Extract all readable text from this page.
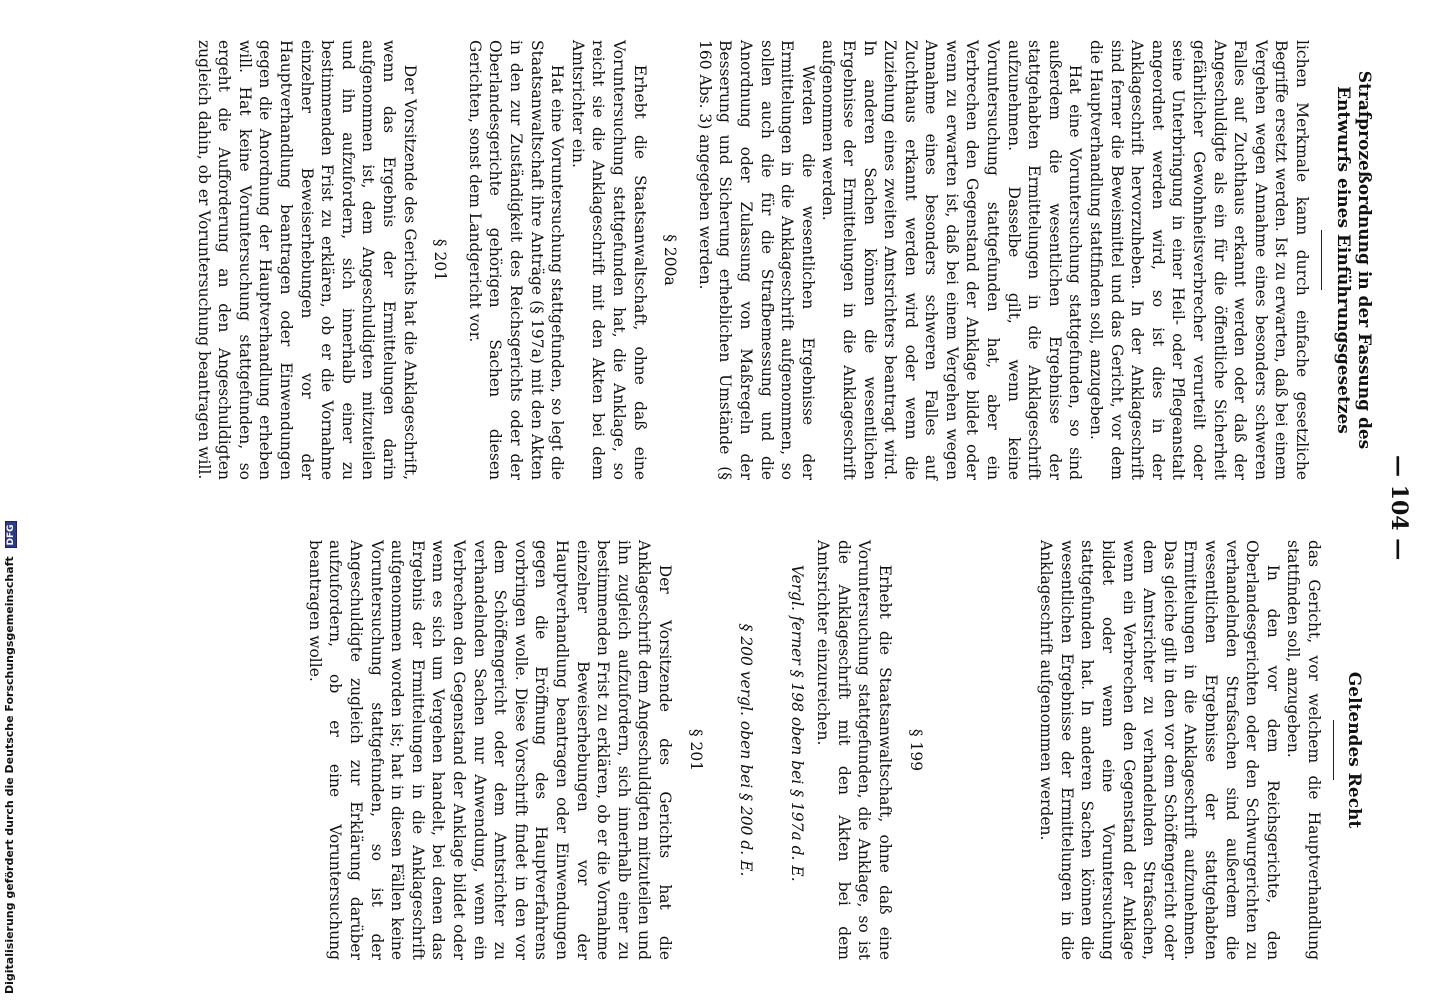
— 104 —
Strafprozeßordnung in der Fassung des Entwurfs eines Einführungsgesetzes
Geltendes Recht

lichen Merkmale kann durch einfache gesetzliche Begriffe ersetzt werden. Ist zu erwarten, daß bei einem Vergehen wegen Annahme eines besonders schweren Falles auf Zuchthaus erkannt werden oder daß der Angeschuldigte als ein für die öffentliche Sicherheit gefährlicher Gewohnheitsverbrecher verurteilt oder seine Unterbringung in einer Heil- oder Pflegeanstalt angeordnet werden wird, so ist dies in der Anklageschrift hervorzuheben. In der Anklageschrift sind ferner die Beweismittel und das Gericht, vor dem die Hauptverhandlung stattfinden soll, anzugeben.

Hat eine Voruntersuchung stattgefunden, so sind außerdem die wesentlichen Ergebnisse der stattgehabten Ermittelungen in die Anklageschrift aufzunehmen. Dasselbe gilt, wenn keine Voruntersuchung stattgefunden hat, aber ein Verbrechen den Gegenstand der Anklage bildet oder wenn zu erwarten ist, daß bei einem Vergehen wegen Annahme eines besonders schweren Falles auf Zuchthaus erkannt werden wird oder wenn die Zuziehung eines zweiten Amtsrichters beantragt wird. In anderen Sachen können die wesentlichen Ergebnisse der Ermittelungen in die Anklageschrift aufgenommen werden.

Werden die wesentlichen Ergebnisse der Ermittelungen in die Anklageschrift aufgenommen, so sollen auch die für die Strafbemessung und die Anordnung oder Zulassung von Maßregeln der Besserung und Sicherung erheblichen Umstände (§ 160 Abs. 3) angegeben werden.

§ 200a

Erhebt die Staatsanwaltschaft, ohne daß eine Voruntersuchung stattgefunden hat, die Anklage, so reicht sie die Anklageschrift mit den Akten bei dem Amtsrichter ein.

Hat eine Voruntersuchung stattgefunden, so legt die Staatsanwaltschaft ihre Anträge (§ 197a) mit den Akten in den zur Zuständigkeit des Reichsgerichts oder der Oberlandesgerichte gehörigen Sachen diesen Gerichten, sonst dem Landgericht vor.

§ 201

Der Vorsitzende des Gerichts hat die Anklageschrift, wenn das Ergebnis der Ermittelungen darin aufgenommen ist, dem Angeschuldigten mitzuteilen und ihn aufzufordern, sich innerhalb einer zu bestimmenden Frist zu erklären, ob er die Vornahme einzelner Beweiserhebungen vor der Hauptverhandlung beantragen oder Einwendungen gegen die Anordnung der Hauptverhandlung erheben will. Hat keine Voruntersuchung stattgefunden, so ergeht die Aufforderung an den Angeschuldigten zugleich dahin, ob er Voruntersuchung beantragen will.

das Gericht, vor welchem die Hauptverhandlung stattfinden soll, anzugeben.

In den vor dem Reichsgerichte, den Oberlandesgerichten oder den Schwurgerichten zu verhandelnden Strafsachen sind außerdem die wesentlichen Ergebnisse der stattgehabten Ermittelungen in die Anklageschrift aufzunehmen. Das gleiche gilt in den vor dem Schöffengericht oder dem Amtsrichter zu verhandelnden Strafsachen, wenn ein Verbrechen den Gegenstand der Anklage bildet oder wenn eine Voruntersuchung stattgefunden hat. In anderen Sachen können die wesentlichen Ergebnisse der Ermittelungen in die Anklageschrift aufgenommen werden.

§ 199

Erhebt die Staatsanwaltschaft, ohne daß eine Voruntersuchung stattgefunden, die Anklage, so ist die Anklageschrift mit den Akten bei dem Amtsrichter einzureichen.

Vergl. ferner § 198 oben bei § 197a d. E.

§ 200 vergl. oben bei § 200 d. E.

§ 201

Der Vorsitzende des Gerichts hat die Anklageschrift dem Angeschuldigten mitzuteilen und ihn zugleich aufzufordern, sich innerhalb einer zu bestimmenden Frist zu erklären, ob er die Vornahme einzelner Beweiserhebungen vor der Hauptverhandlung beantragen oder Einwendungen gegen die Eröffnung des Hauptverfahrens vorbringen wolle. Diese Vorschrift findet in den vor dem Schöffengericht oder dem Amtsrichter zu verhandelnden Sachen nur Anwendung, wenn ein Verbrechen den Gegenstand der Anklage bildet oder wenn es sich um Vergehen handelt, bei denen das Ergebnis der Ermittelungen in die Anklageschrift aufgenommen worden ist; hat in diesen Fällen keine Voruntersuchung stattgefunden, so ist der Angeschuldigte zugleich zur Erklärung darüber aufzufordern, ob er eine Voruntersuchung beantragen wolle.

Digitalisierung gefördert durch die Deutsche Forschungsgemeinschaft DFG
